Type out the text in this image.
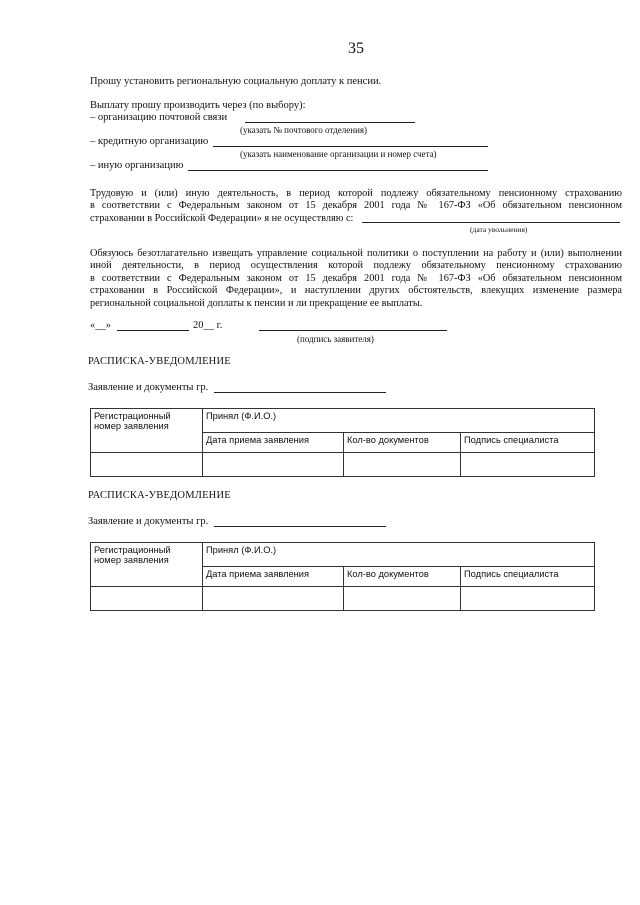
35
Прошу установить региональную социальную доплату к пенсии.
Выплату прошу производить через (по выбору):
– организацию почтовой связи
(указать № почтового отделения)
– кредитную организацию
(указать наименование организации и номер счета)
– иную организацию

Трудовую и (или) иную деятельность, в период которой подлежу обязательному пенсионному страхованию

в соответствии с Федеральным законом от 15 декабря 2001 года № 167-ФЗ «Об обязательном пенсионном

страховании в Российской Федерации» я не осуществляю с:

(дата увольнения)

Обязуюсь безотлагательно извещать управление социальной политики о поступлении на работу и (или) выполнении

иной деятельности, в период осуществления которой подлежу обязательному пенсионному страхованию

в соответствии с Федеральным законом от 15 декабря 2001 года № 167-ФЗ «Об обязательном пенсионном

страховании в Российской Федерации», и наступлении других обстоятельств, влекущих изменение размера

региональной социальной доплаты к пенсии и ли прекращение ее выплаты.

«__»	20__ г.
(подпись заявителя)
РАСПИСКА-УВЕДОМЛЕНИЕ
Заявление и документы гр.
Регистрационный номер заявления	Принял (Ф.И.О.)		
	Дата приема заявления	Кол-во документов	Подпись специалиста

РАСПИСКА-УВЕДОМЛЕНИЕ
Заявление и документы гр.
Регистрационный номер заявления	Принял (Ф.И.О.)		
	Дата приема заявления	Кол-во документов	Подпись специалиста
